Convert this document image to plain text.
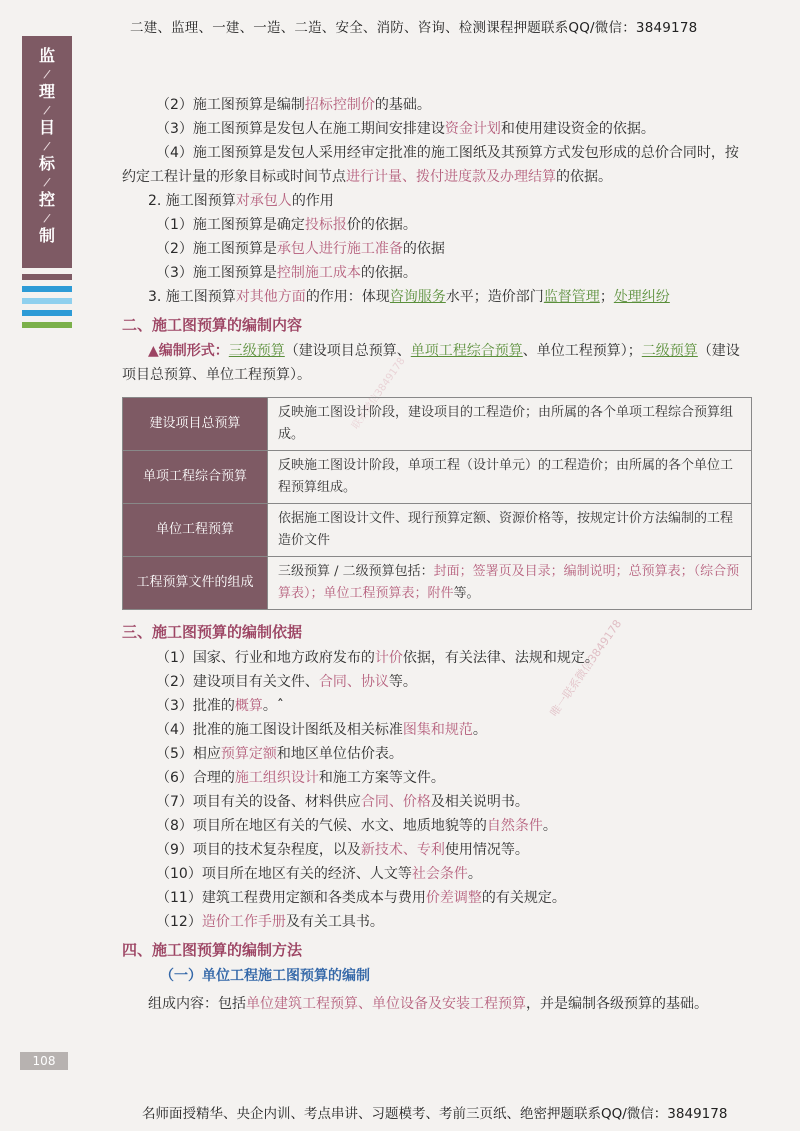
二建、监理、一建、一造、二造、安全、消防、咨询、检测课程押题联系QQ/微信：3849178
监
/
理
/
目
/
标
/
控
/
制
联系微信3849178
唯一联系微信3849178

（2）施工图预算是编制招标控制价的基础。

（3）施工图预算是发包人在施工期间安排建设资金计划和使用建设资金的依据。

（4）施工图预算是发包人采用经审定批准的施工图纸及其预算方式发包形成的总价合同时，按约定工程计量的形象目标或时间节点进行计量、拨付进度款及办理结算的依据。

2. 施工图预算对承包人的作用

（1）施工图预算是确定投标报价的依据。

（2）施工图预算是承包人进行施工准备的依据

（3）施工图预算是控制施工成本的依据。

3. 施工图预算对其他方面的作用：体现咨询服务水平；造价部门监督管理；处理纠纷

二、施工图预算的编制内容

▲编制形式：三级预算（建设项目总预算、单项工程综合预算、单位工程预算）；二级预算（建设项目总预算、单位工程预算）。

建设项目总预算	反映施工图设计阶段，建设项目的工程造价；由所属的各个单项工程综合预算组成。
单项工程综合预算	反映施工图设计阶段，单项工程（设计单元）的工程造价；由所属的各个单位工程预算组成。
单位工程预算	依据施工图设计文件、现行预算定额、资源价格等，按规定计价方法编制的工程造价文件
工程预算文件的组成	三级预算 / 二级预算包括：封面；签署页及目录；编制说明；总预算表；（综合预算表）；单位工程预算表；附件等。
三、施工图预算的编制依据

（1）国家、行业和地方政府发布的计价依据，有关法律、法规和规定。

（2）建设项目有关文件、合同、协议等。

（3）批准的概算。ˆ

（4）批准的施工图设计图纸及相关标准图集和规范。

（5）相应预算定额和地区单位估价表。

（6）合理的施工组织设计和施工方案等文件。

（7）项目有关的设备、材料供应合同、价格及相关说明书。

（8）项目所在地区有关的气候、水文、地质地貌等的自然条件。

（9）项目的技术复杂程度，以及新技术、专利使用情况等。

（10）项目所在地区有关的经济、人文等社会条件。

（11）建筑工程费用定额和各类成本与费用价差调整的有关规定。

（12）造价工作手册及有关工具书。

四、施工图预算的编制方法
（一）单位工程施工图预算的编制

组成内容：包括单位建筑工程预算、单位设备及安装工程预算，并是编制各级预算的基础。

108
名师面授精华、央企内训、考点串讲、习题模考、考前三页纸、绝密押题联系QQ/微信：3849178
